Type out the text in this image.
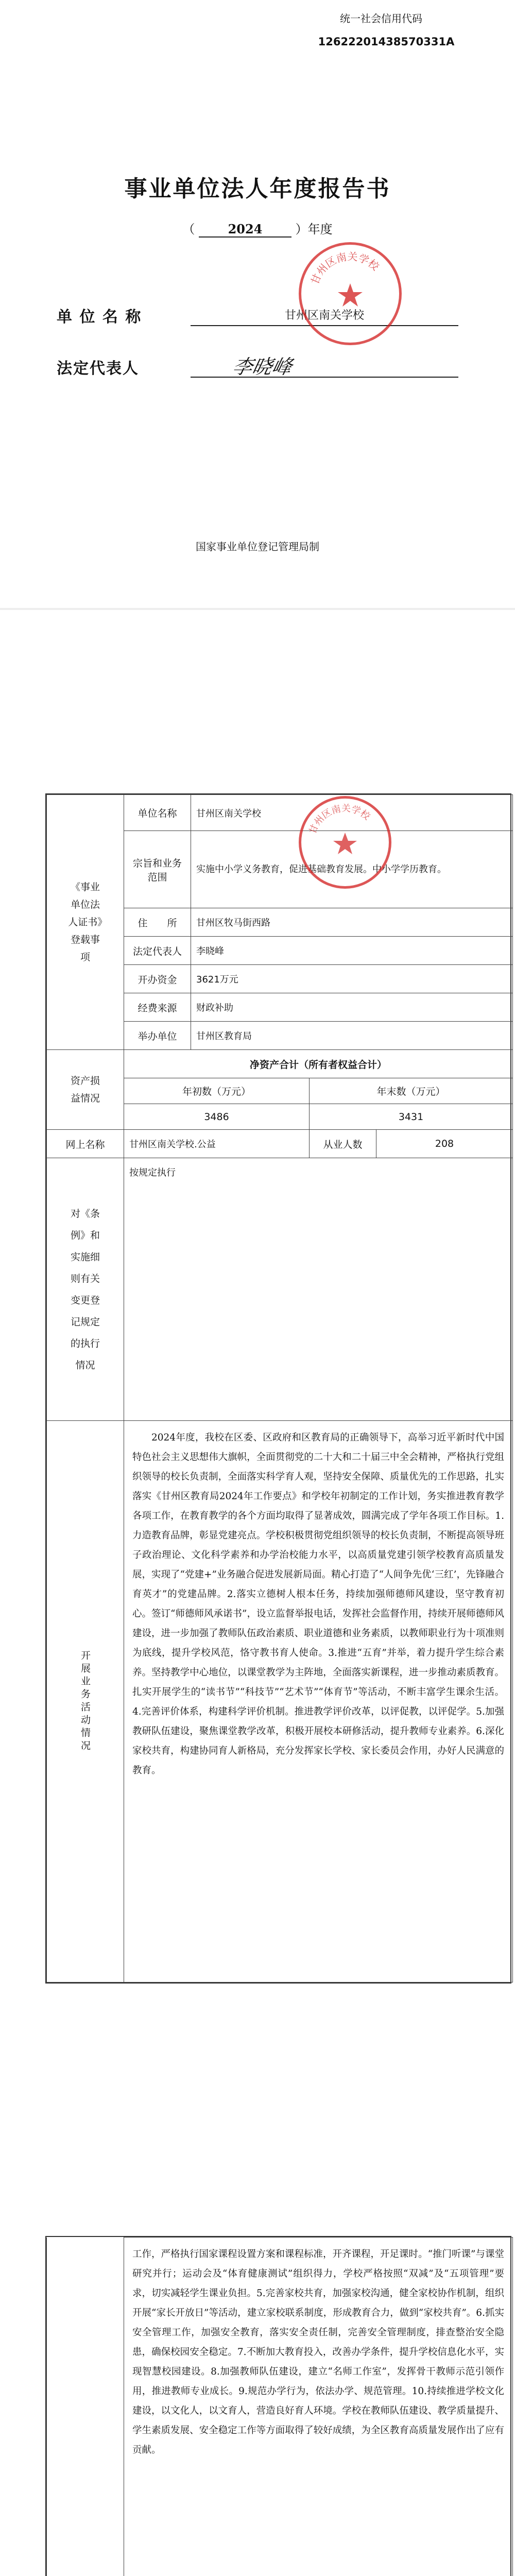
统一社会信用代码
12622201438570331A
事业单位法人年度报告书
（	2024	）年度
单 位 名 称	甘州区南关学校
法定代表人	李晓峰
甘州区南关学校
国家事业单位登记管理局制
《事业单位法人证书》登载事项	单位名称	甘州区南关学校		
	宗旨和业务范围	实施中小学义务教育，促进基础教育发展。中小学学历教育。		
	住　　所	甘州区牧马街西路		
	法定代表人	李晓峰		
	开办资金	3621万元		
	经费来源	财政补助		
	举办单位	甘州区教育局		

资产损益情况	净资产合计（所有者权益合计）			
	年初数（万元）		年末数（万元）	
	3486		3431	
网上名称	甘州区南关学校.公益		从业人数	208

对《条例》和实施细则有关变更登记规定的执行情况	按规定执行			

开展业务活动情况	2024年度，我校在区委、区政府和区教育局的正确领导下，高举习近平新时代中国特色社会主义思想伟大旗帜，全面贯彻党的二十大和二十届三中全会精神，严格执行党组织领导的校长负责制，全面落实科学育人观，坚持安全保障、质量优先的工作思路，扎实落实《甘州区教育局2024年工作要点》和学校年初制定的工作计划，务实推进教育教学各项工作，在教育教学的各个方面均取得了显著成效，圆满完成了学年各项工作目标。1.力造教育品牌，彰显党建亮点。学校积极贯彻党组织领导的校长负责制，不断提高领导班子政治理论、文化科学素养和办学治校能力水平，以高质量党建引领学校教育高质量发展，实现了“党建+”业务融合促进发展新局面。精心打造了“人间争先优‘三红’，先锋融合育英才”的党建品牌。2.落实立德树人根本任务，持续加强师德师风建设，坚守教育初心。签订“师德师风承诺书”，设立监督举报电话，发挥社会监督作用，持续开展师德师风建设，进一步加强了教师队伍政治素质、职业道德和业务素质，以教师职业行为十项准则为底线，提升学校风范，恪守教书育人使命。3.推进“五育”并举，着力提升学生综合素养。坚持教学中心地位，以课堂教学为主阵地，全面落实新课程，进一步推动素质教育。扎实开展学生的“读书节”“科技节”“艺术节”“体育节”等活动，不断丰富学生课余生活。4.完善评价体系，构建科学评价机制。推进教学评价改革，以评促教，以评促学。5.加强教研队伍建设，聚焦课堂教学改革，积极开展校本研修活动，提升教师专业素养。6.深化家校共育，构建协同育人新格局，充分发挥家长学校、家长委员会作用，办好人民满意的教育。			

甘州区南关学校

	工作，严格执行国家课程设置方案和课程标准，开齐课程，开足课时。“推门听课”与课堂研究并行；运动会及“体育健康测试”组织得力，学校严格按照“双减”及“五项管理”要求，切实减轻学生课业负担。5.完善家校共育，加强家校沟通，健全家校协作机制，组织开展“家长开放日”等活动，建立家校联系制度，形成教育合力，做到“家校共育”。6.抓实安全管理工作，加强安全教育，落实安全责任制，完善安全管理制度，排查整治安全隐患，确保校园安全稳定。7.不断加大教育投入，改善办学条件，提升学校信息化水平，实现智慧校园建设。8.加强教师队伍建设，建立“名师工作室”，发挥骨干教师示范引领作用，推进教师专业成长。9.规范办学行为，依法办学、规范管理。10.持续推进学校文化建设，以文化人，以文育人，营造良好育人环境。学校在教师队伍建设、教学质量提升、学生素质发展、安全稳定工作等方面取得了较好成绩，为全区教育高质量发展作出了应有贡献。
